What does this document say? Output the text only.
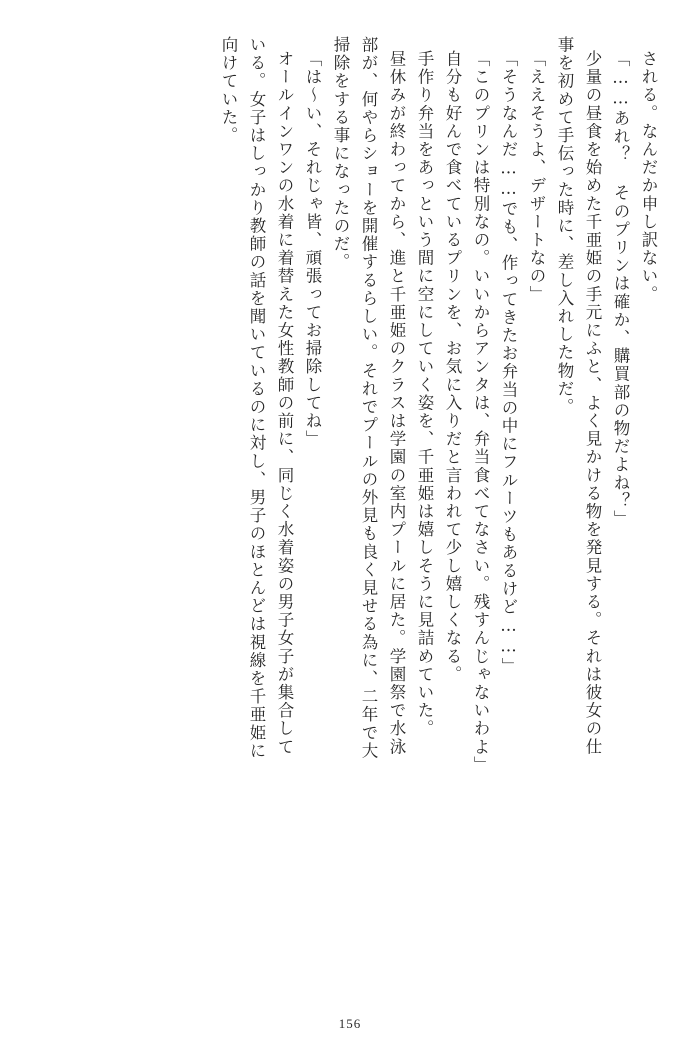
される。なんだか申し訳ない。
「……あれ？ そのプリンは確か、購買部の物だよね？」
少量の昼食を始めた千亜姫の手元にふと、よく見かける物を発見する。それは彼女の仕
事を初めて手伝った時に、差し入れした物だ。
「ええそうよ、デザートなの」
「そうなんだ……でも、作ってきたお弁当の中にフルーツもあるけど……」
「このプリンは特別なの。いいからアンタは、弁当食べてなさい。残すんじゃないわよ」
自分も好んで食べているプリンを、お気に入りだと言われて少し嬉しくなる。
手作り弁当をあっという間に空にしていく姿を、千亜姫は嬉しそうに見詰めていた。
昼休みが終わってから、進と千亜姫のクラスは学園の室内プールに居た。学園祭で水泳
部が、何やらショーを開催するらしい。それでプールの外見も良く見せる為に、二年で大
掃除をする事になったのだ。
「は～い、それじゃ皆、頑張ってお掃除してね」
オールインワンの水着に着替えた女性教師の前に、同じく水着姿の男子女子が集合して
いる。女子はしっかり教師の話を聞いているのに対し、男子のほとんどは視線を千亜姫に
向けていた。
156
